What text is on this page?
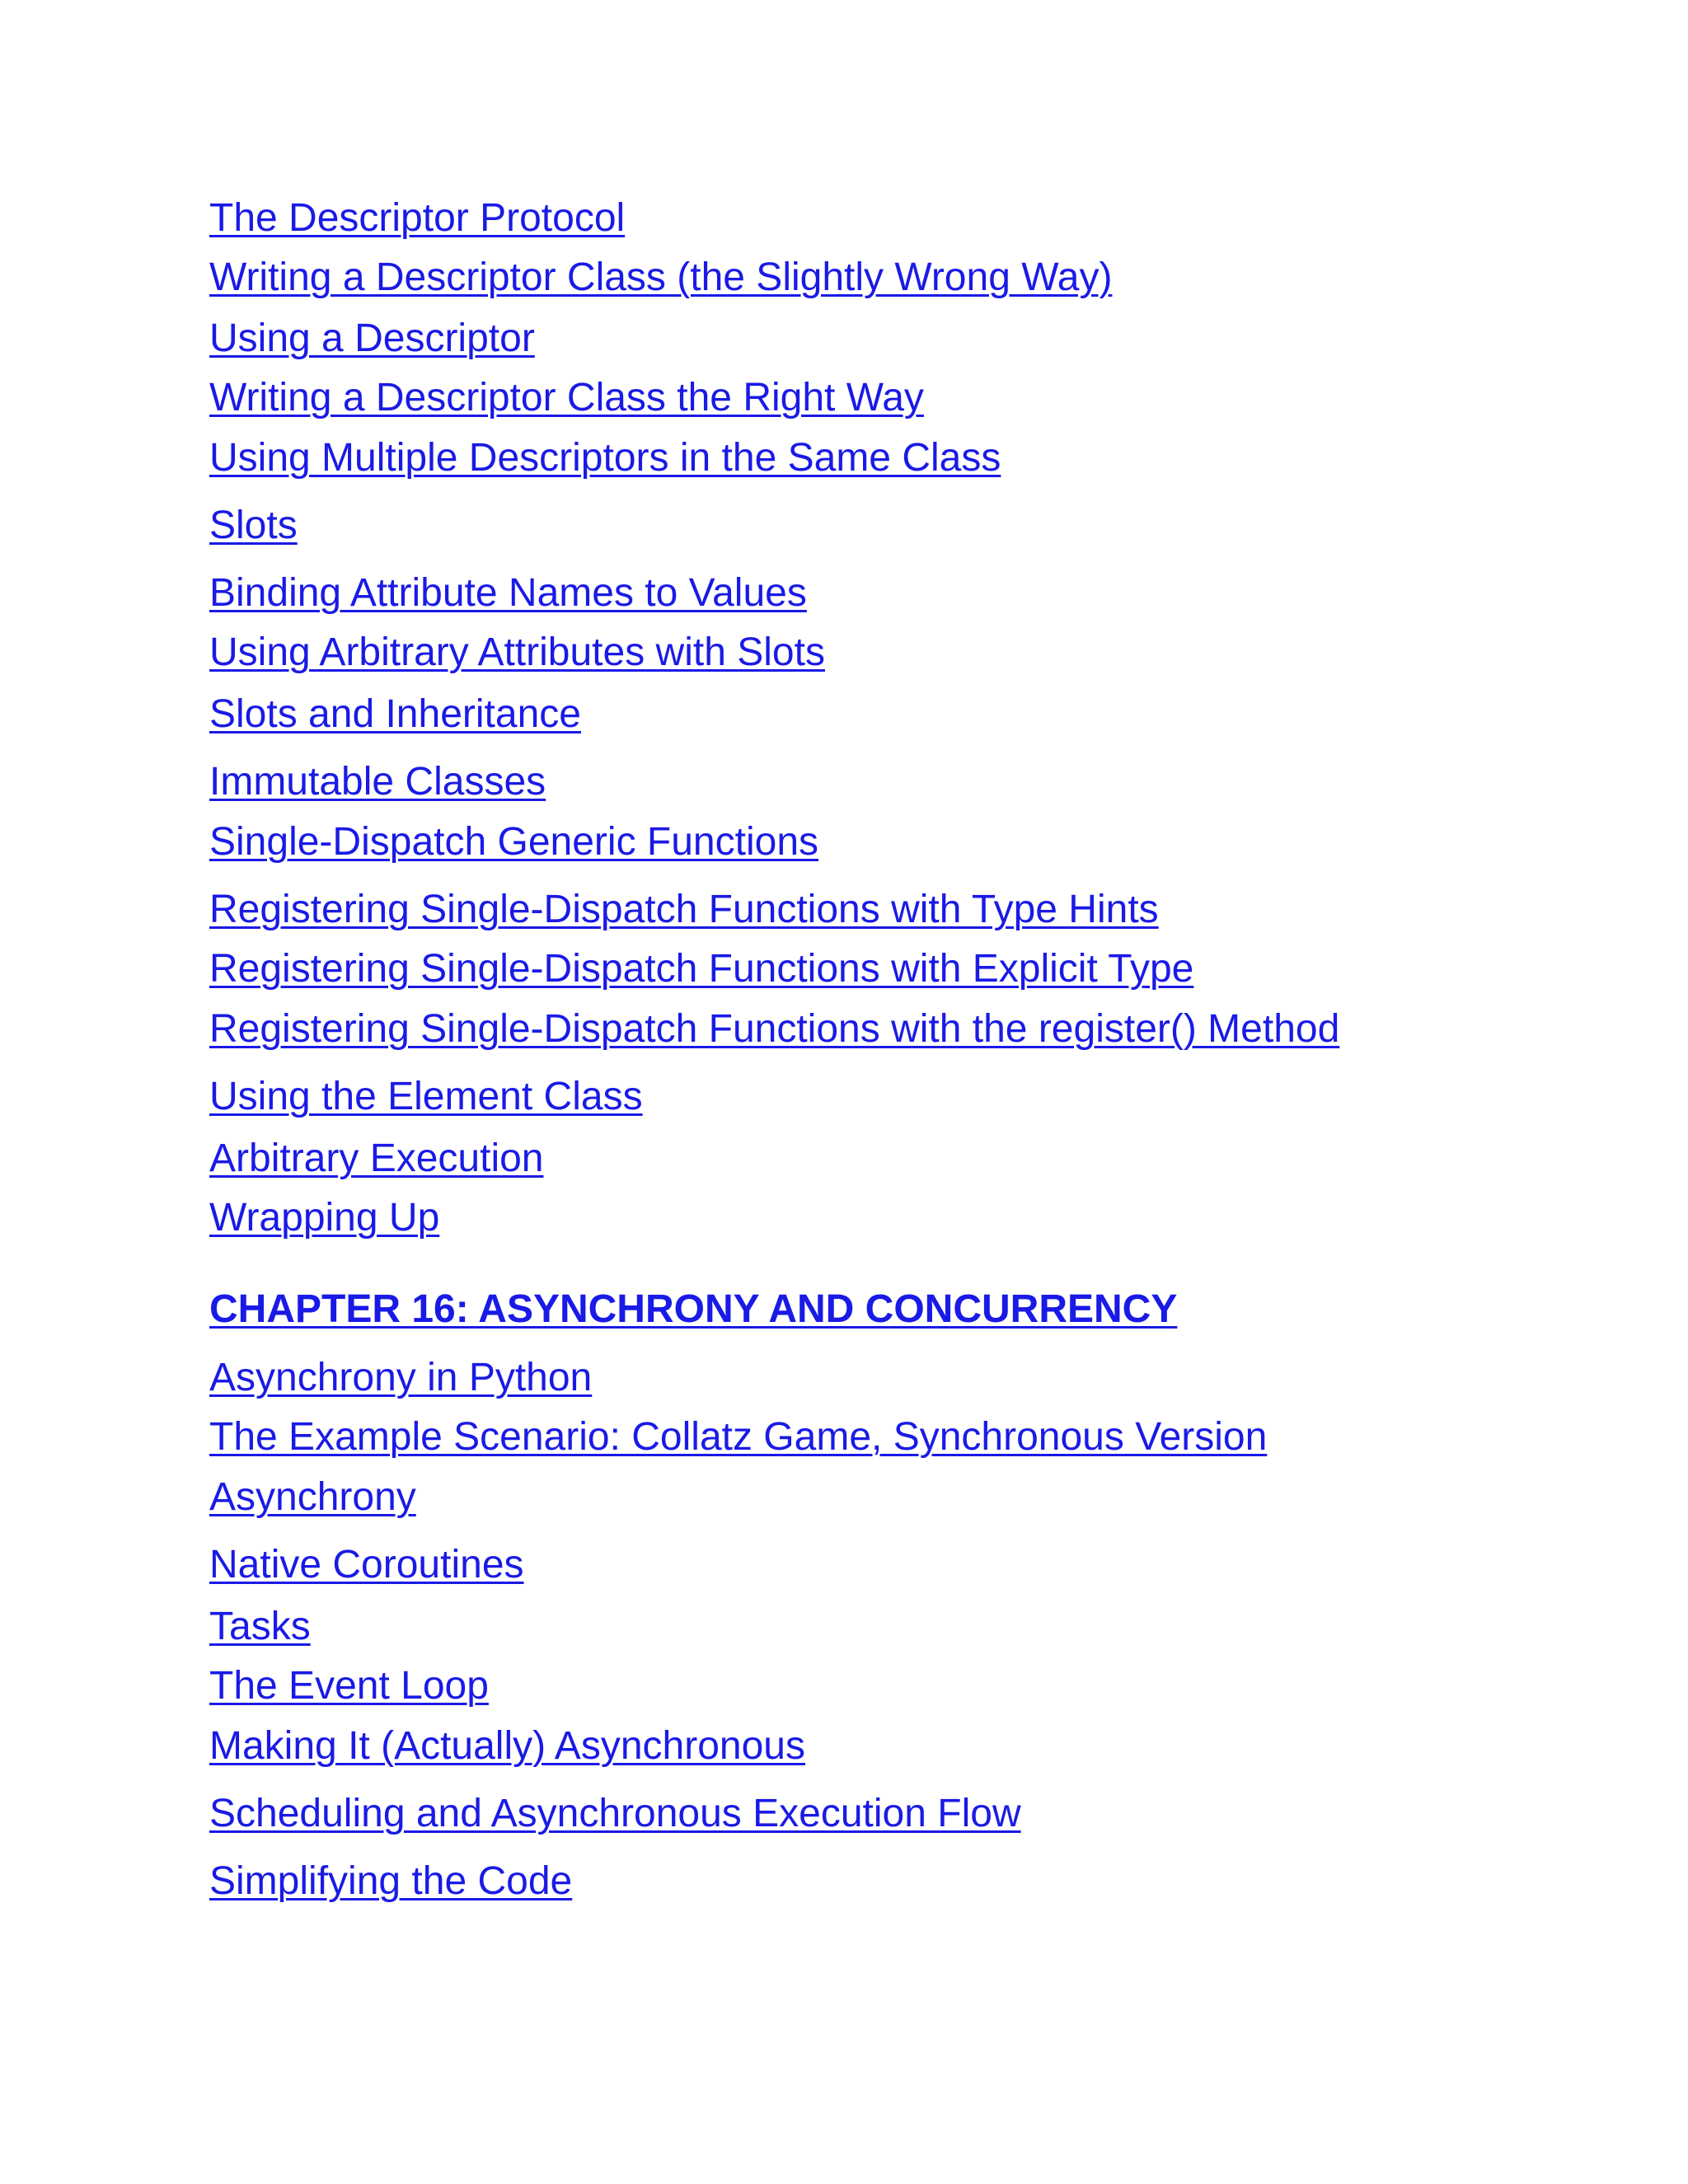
The Descriptor Protocol
Writing a Descriptor Class (the Slightly Wrong Way)
Using a Descriptor
Writing a Descriptor Class the Right Way
Using Multiple Descriptors in the Same Class
Slots
Binding Attribute Names to Values
Using Arbitrary Attributes with Slots
Slots and Inheritance
Immutable Classes
Single-Dispatch Generic Functions
Registering Single-Dispatch Functions with Type Hints
Registering Single-Dispatch Functions with Explicit Type
Registering Single-Dispatch Functions with the register() Method
Using the Element Class
Arbitrary Execution
Wrapping Up
CHAPTER 16: ASYNCHRONY AND CONCURRENCY
Asynchrony in Python
The Example Scenario: Collatz Game, Synchronous Version
Asynchrony
Native Coroutines
Tasks
The Event Loop
Making It (Actually) Asynchronous
Scheduling and Asynchronous Execution Flow
Simplifying the Code
